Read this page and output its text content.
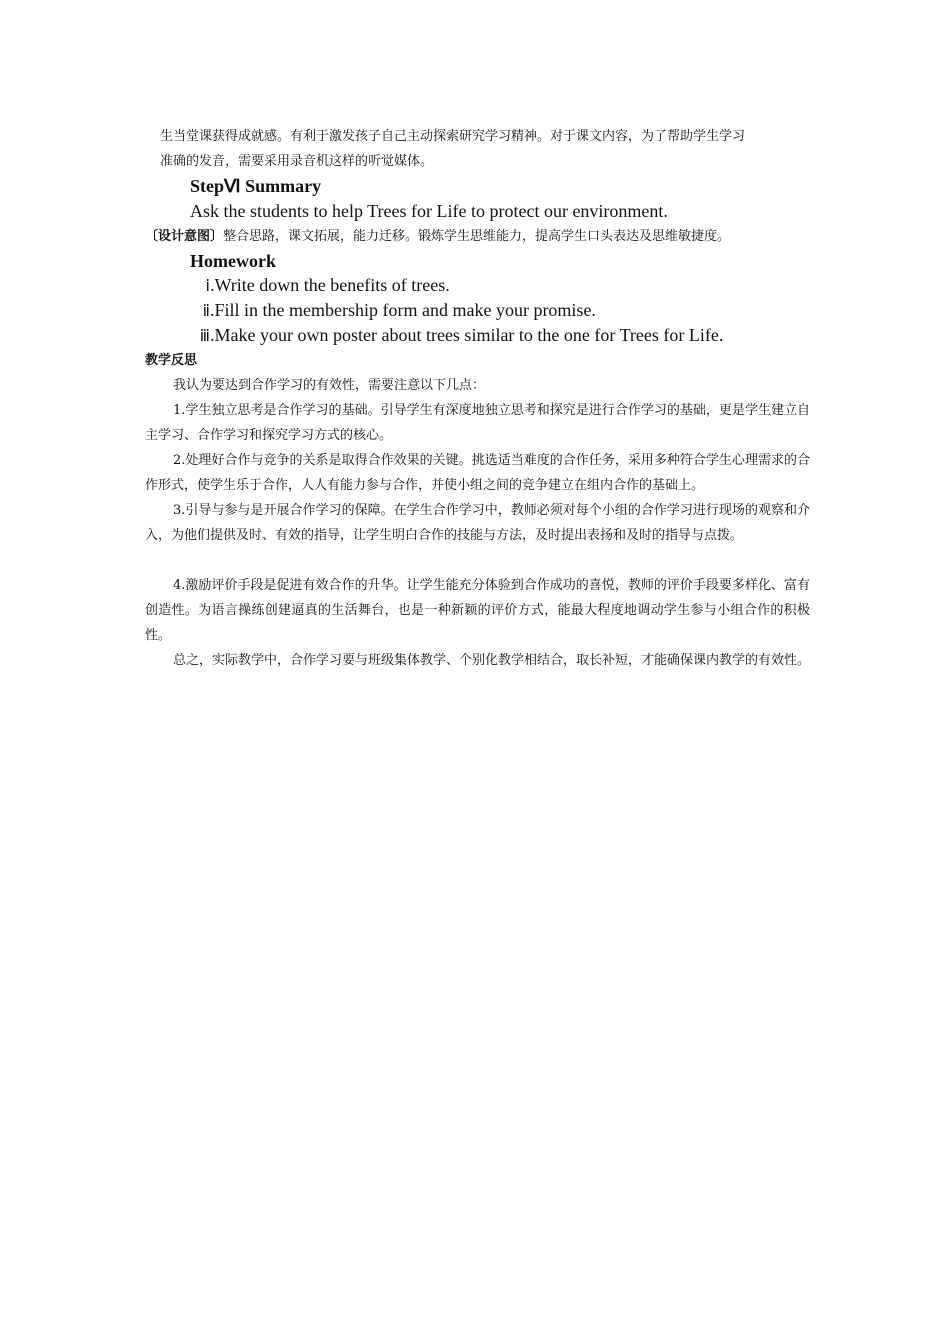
生当堂课获得成就感。有利于激发孩子自己主动探索研究学习精神。对于课文内容，为了帮助学生学习
准确的发音，需要采用录音机这样的听觉媒体。
StepⅥ Summary
Ask the students to help Trees for Life to protect our environment.
〔设计意图〕整合思路，课文拓展，能力迁移。锻炼学生思维能力，提高学生口头表达及思维敏捷度。
Homework
ⅰ.Write down the benefits of trees.
ⅱ.Fill in the membership form and make your promise.
ⅲ.Make your own poster about trees similar to the one for Trees for Life.
教学反思
我认为要达到合作学习的有效性，需要注意以下几点：
1.学生独立思考是合作学习的基础。引导学生有深度地独立思考和探究是进行合作学习的基础，更是学生建立自主学习、合作学习和探究学习方式的核心。
2.处理好合作与竞争的关系是取得合作效果的关键。挑选适当难度的合作任务，采用多种符合学生心理需求的合作形式，使学生乐于合作，人人有能力参与合作，并使小组之间的竞争建立在组内合作的基础上。
3.引导与参与是开展合作学习的保障。在学生合作学习中，教师必须对每个小组的合作学习进行现场的观察和介入，为他们提供及时、有效的指导，让学生明白合作的技能与方法，及时提出表扬和及时的指导与点拨。
4.激励评价手段是促进有效合作的升华。让学生能充分体验到合作成功的喜悦，教师的评价手段要多样化、富有创造性。为语言操练创建逼真的生活舞台，也是一种新颖的评价方式，能最大程度地调动学生参与小组合作的积极性。
总之，实际教学中，合作学习要与班级集体教学、个别化教学相结合，取长补短，才能确保课内教学的有效性。
